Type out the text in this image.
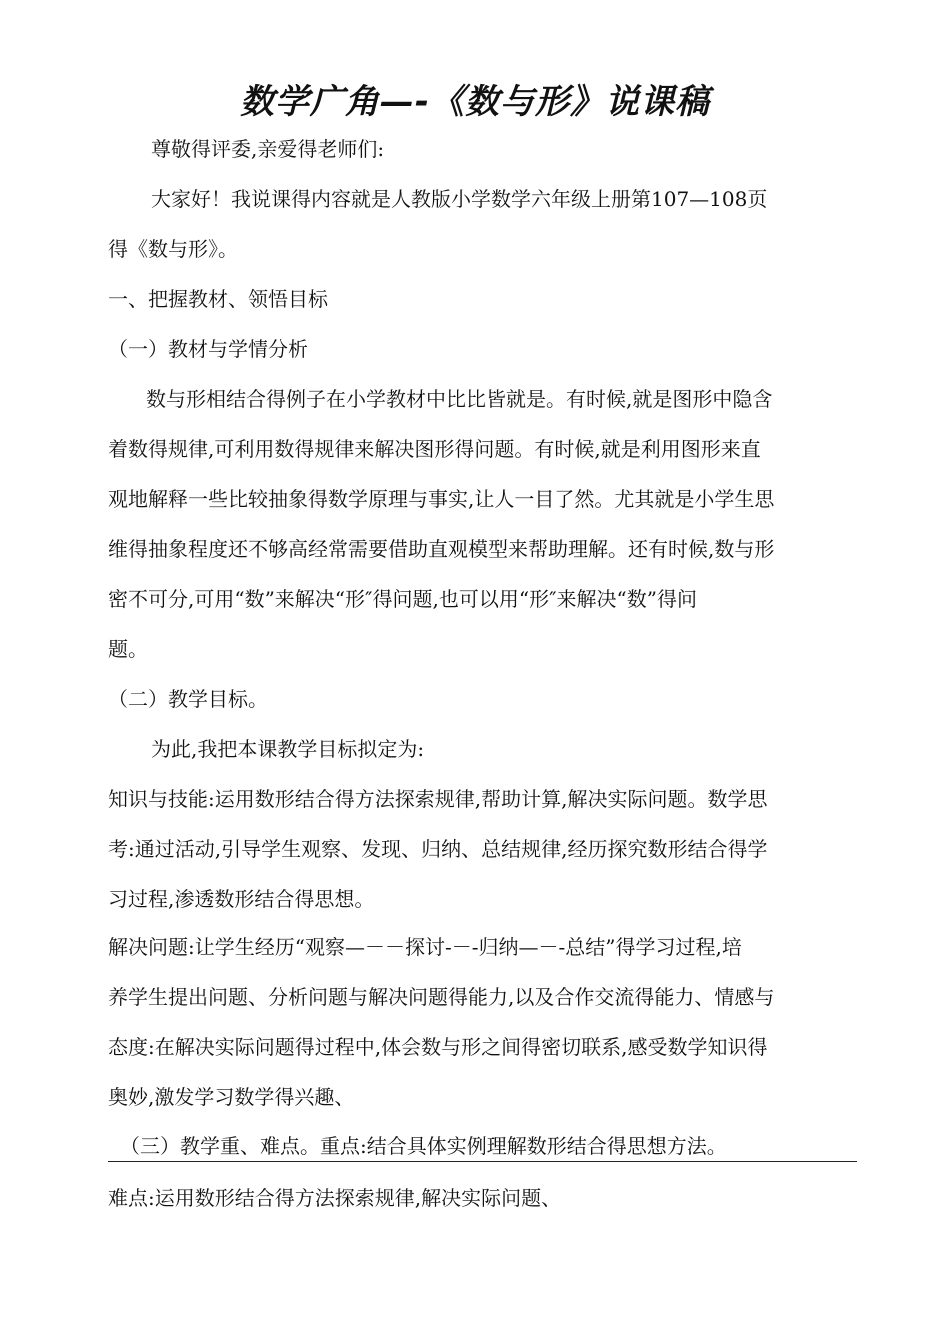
数学广角—-《数与形》说课稿
尊敬得评委,亲爱得老师们:
大家好！我说课得内容就是人教版小学数学六年级上册第107—108页
得《数与形》。
一、把握教材、领悟目标
（一）教材与学情分析
数与形相结合得例子在小学教材中比比皆就是。有时候,就是图形中隐含
着数得规律,可利用数得规律来解决图形得问题。有时候,就是利用图形来直
观地解释一些比较抽象得数学原理与事实,让人一目了然。尤其就是小学生思
维得抽象程度还不够高经常需要借助直观模型来帮助理解。还有时候,数与形
密不可分,可用“数”来解决“形″得问题,也可以用“形″来解决“数”得问
题。
（二）教学目标。
为此,我把本课教学目标拟定为:
知识与技能:运用数形结合得方法探索规律,帮助计算,解决实际问题。数学思
考:通过活动,引导学生观察、发现、归纳、总结规律,经历探究数形结合得学
习过程,渗透数形结合得思想。
解决问题:让学生经历“观察—－－探讨-－-归纳—－-总结”得学习过程,培
养学生提出问题、分析问题与解决问题得能力,以及合作交流得能力、情感与
态度:在解决实际问题得过程中,体会数与形之间得密切联系,感受数学知识得
奥妙,激发学习数学得兴趣、
（三）教学重、难点。重点:结合具体实例理解数形结合得思想方法。
难点:运用数形结合得方法探索规律,解决实际问题、
